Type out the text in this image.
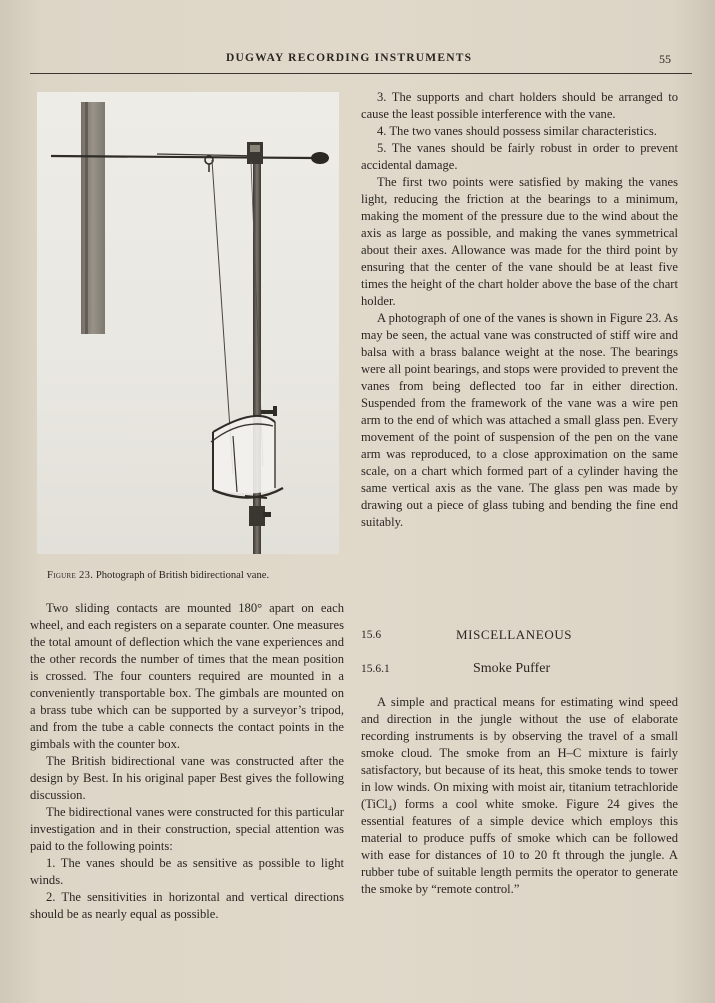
DUGWAY RECORDING INSTRUMENTS	55
Figure 23. Photograph of British bidirectional vane.

Two sliding contacts are mounted 180° apart on each wheel, and each registers on a separate counter. One measures the total amount of deflection which the vane experiences and the other records the number of times that the mean position is crossed. The four counters required are mounted in a conveniently transportable box. The gimbals are mounted on a brass tube which can be supported by a surveyor’s tripod, and from the tube a cable connects the contact points in the gimbals with the counter box.

The British bidirectional vane was constructed after the design by Best. In his original paper Best gives the following discussion.

The bidirectional vanes were constructed for this particular investigation and in their construction, special attention was paid to the following points:

1. The vanes should be as sensitive as possible to light winds.

2. The sensitivities in horizontal and vertical directions should be as nearly equal as possible.

3. The supports and chart holders should be arranged to cause the least possible interference with the vane.

4. The two vanes should possess similar characteristics.

5. The vanes should be fairly robust in order to prevent accidental damage.

The first two points were satisfied by making the vanes light, reducing the friction at the bearings to a minimum, making the moment of the pressure due to the wind about the axis as large as possible, and making the vanes symmetrical about their axes. Allowance was made for the third point by ensuring that the center of the vane should be at least five times the height of the chart holder above the base of the chart holder.

A photograph of one of the vanes is shown in Figure 23. As may be seen, the actual vane was constructed of stiff wire and balsa with a brass balance weight at the nose. The bearings were all point bearings, and stops were provided to prevent the vanes from being deflected too far in either direction. Suspended from the framework of the vane was a wire pen arm to the end of which was attached a small glass pen. Every movement of the point of suspension of the pen on the vane arm was reproduced, to a close approximation on the same scale, on a chart which formed part of a cylinder having the same vertical axis as the vane. The glass pen was made by drawing out a piece of glass tubing and bending the fine end suitably.

15.6	MISCELLANEOUS
15.6.1	Smoke Puffer

A simple and practical means for estimating wind speed and direction in the jungle without the use of elaborate recording instruments is by observing the travel of a small smoke cloud. The smoke from an H–C mixture is fairly satisfactory, but because of its heat, this smoke tends to tower in low winds. On mixing with moist air, titanium tetrachloride (TiCl₄) forms a cool white smoke. Figure 24 gives the essential features of a simple device which employs this material to produce puffs of smoke which can be followed with ease for distances of 10 to 20 ft through the jungle. A rubber tube of suitable length permits the operator to generate the smoke by “remote control.”
